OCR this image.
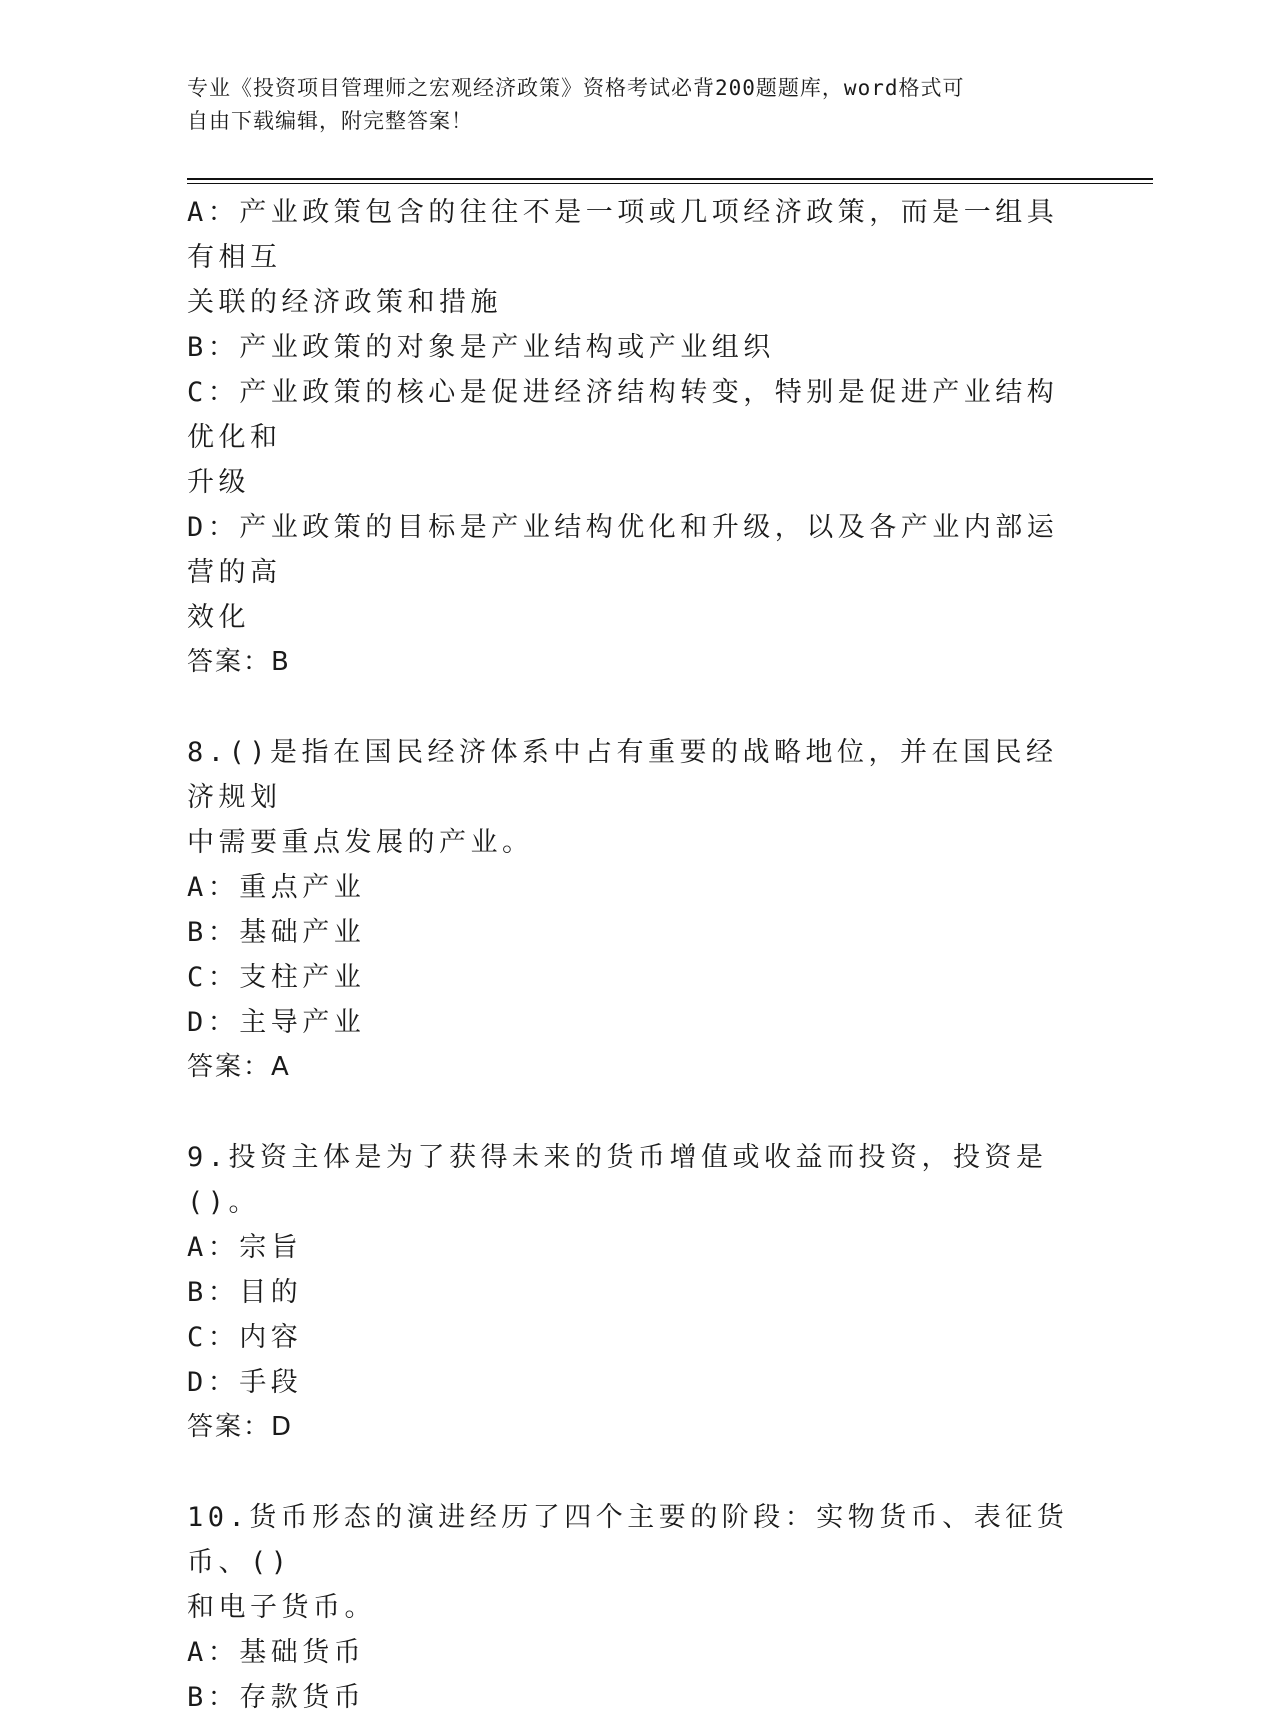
专业《投资项目管理师之宏观经济政策》资格考试必背200题题库，word格式可
自由下载编辑，附完整答案！

A：产业政策包含的往往不是一项或几项经济政策，而是一组具有相互

关联的经济政策和措施

B：产业政策的对象是产业结构或产业组织

C：产业政策的核心是促进经济结构转变，特别是促进产业结构优化和

升级

D：产业政策的目标是产业结构优化和升级，以及各产业内部运营的高

效化

答案：B

8.()是指在国民经济体系中占有重要的战略地位，并在国民经济规划

中需要重点发展的产业。

A：重点产业

B：基础产业

C：支柱产业

D：主导产业

答案：A

9.投资主体是为了获得未来的货币增值或收益而投资，投资是()。

A：宗旨

B：目的

C：内容

D：手段

答案：D

10.货币形态的演进经历了四个主要的阶段：实物货币、表征货币、()

和电子货币。

A：基础货币

B：存款货币
